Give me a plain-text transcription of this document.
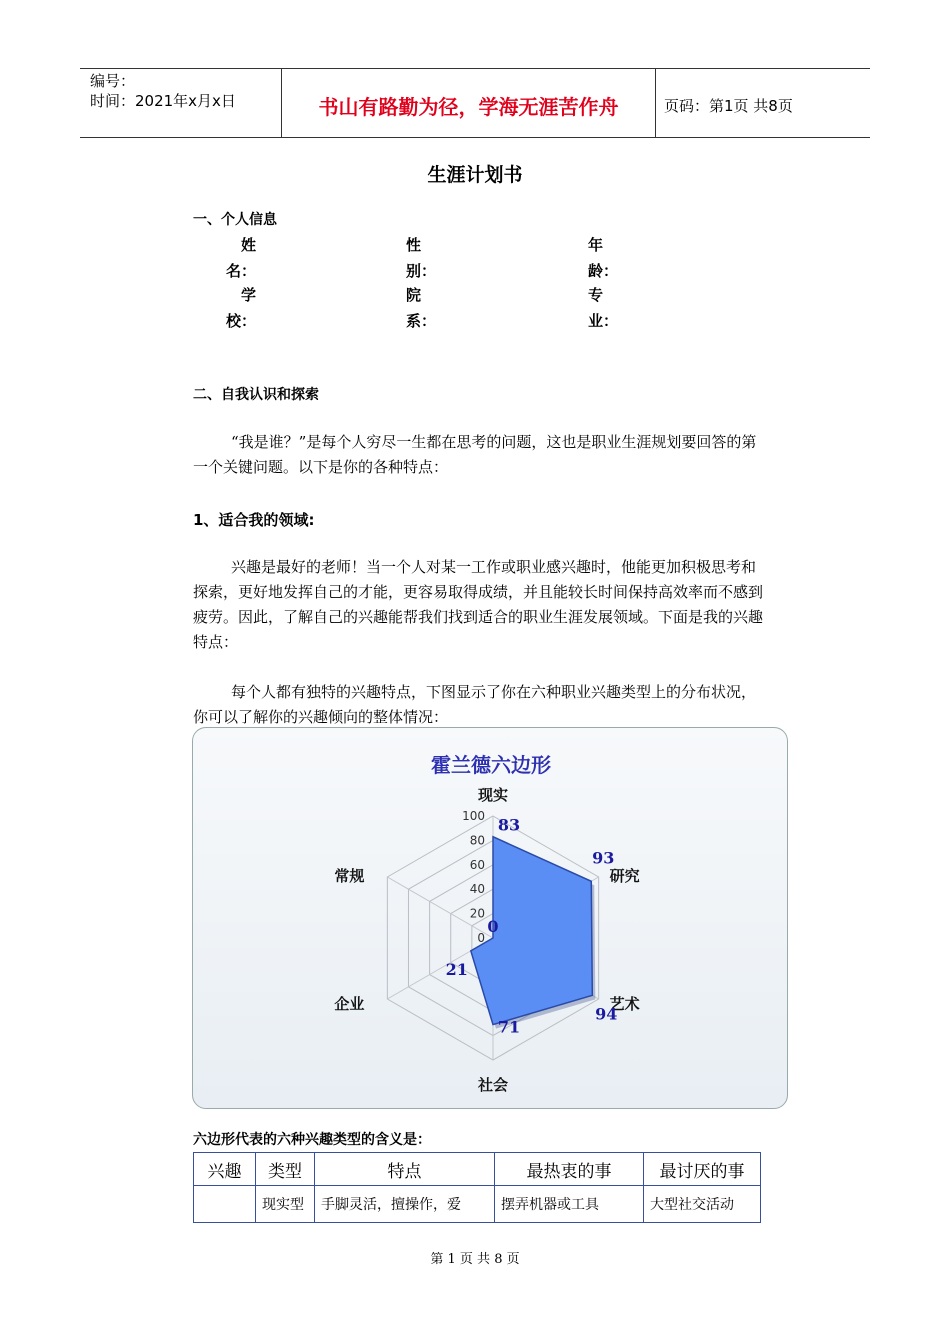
编号：
时间：2021年x月x日	书山有路勤为径，学海无涯苦作舟	页码：第1页 共8页
生涯计划书
一、个人信息
姓
名：
性
别：
年
龄：
学
校：
院
系：
专
业：
二、自我认识和探索
“我是谁？”是每个人穷尽一生都在思考的问题，这也是职业生涯规划要回答的第一个关键问题。以下是你的各种特点：
1、适合我的领域:
兴趣是最好的老师！当一个人对某一工作或职业感兴趣时，他能更加积极思考和探索，更好地发挥自己的才能，更容易取得成绩，并且能较长时间保持高效率而不感到疲劳。因此，了解自己的兴趣能帮我们找到适合的职业生涯发展领域。下面是我的兴趣特点：
每个人都有独特的兴趣特点，下图显示了你在六种职业兴趣类型上的分布状况，你可以了解你的兴趣倾向的整体情况：
霍兰德六边形
0
20
40
60
80
100
现实
研究
艺术
社会
企业
常规
83
93
94
71
21
0
六边形代表的六种兴趣类型的含义是：
兴趣	类型	特点	最热衷的事	最讨厌的事
	现实型	手脚灵活，擅操作，爱	摆弄机器或工具	大型社交活动
第 1 页 共 8 页
